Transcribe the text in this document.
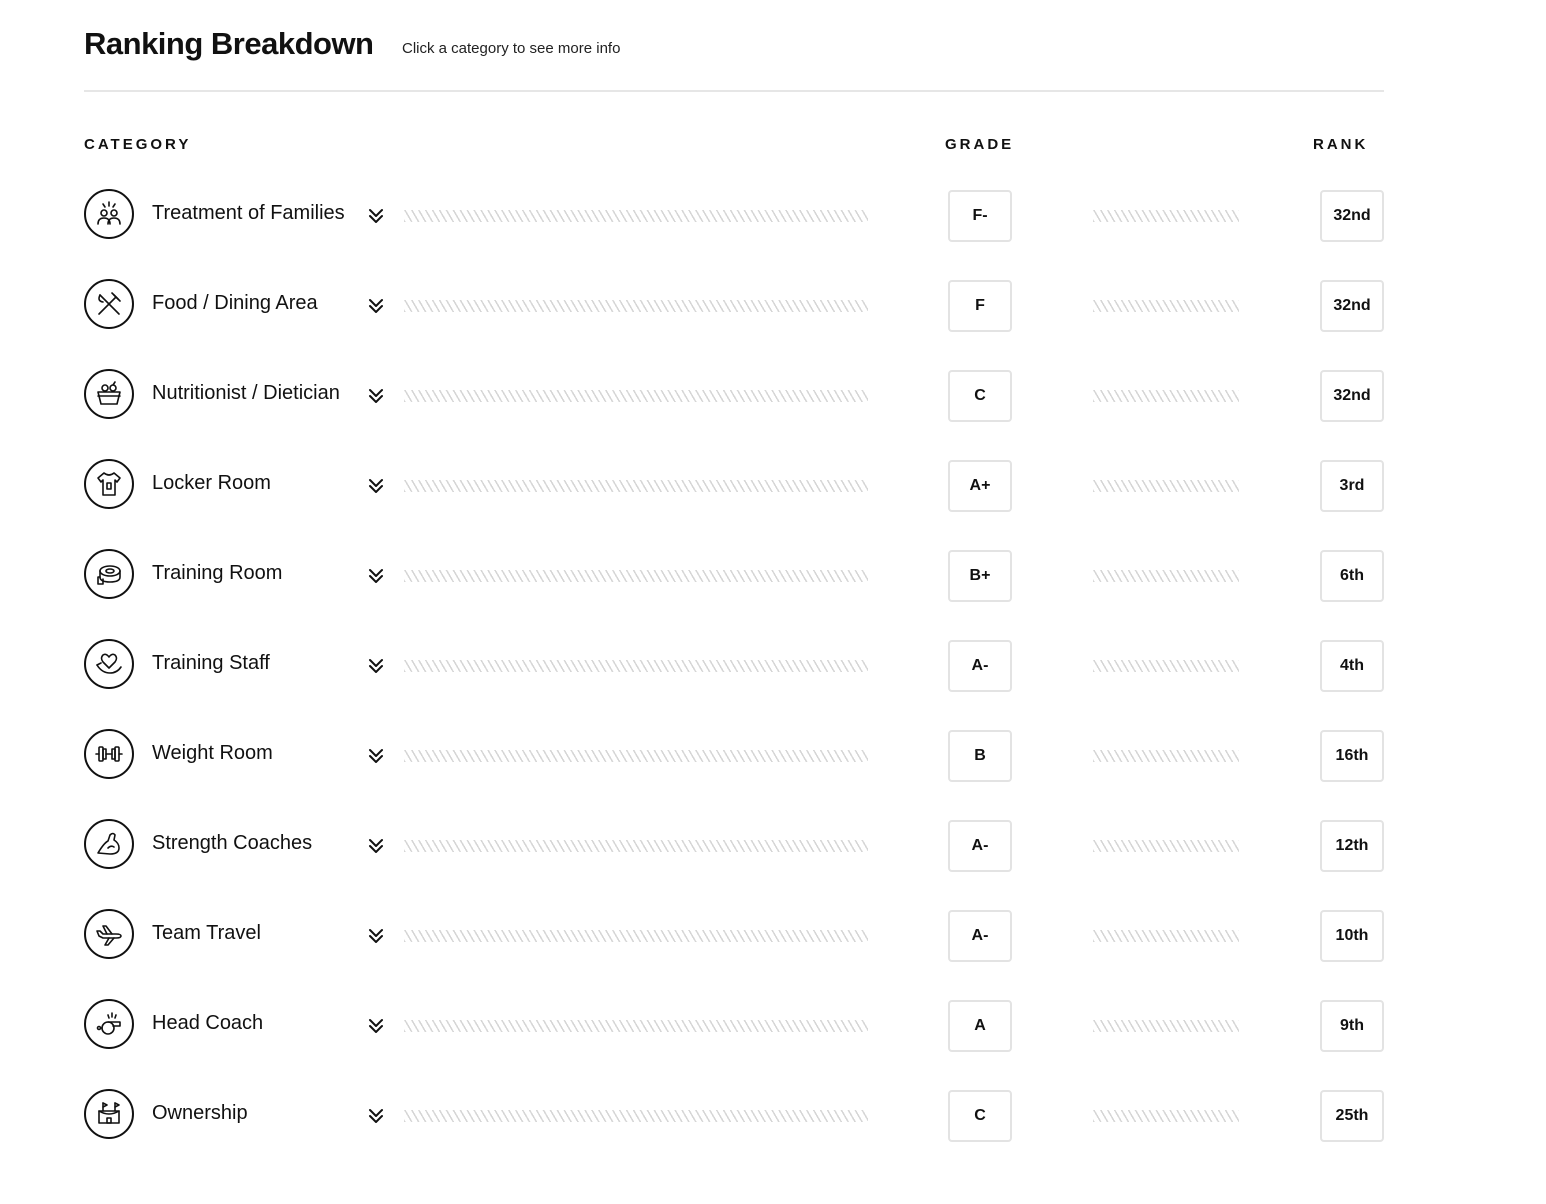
Ranking Breakdown Click a category to see more info
CATEGORY	GRADE	RANK
Treatment of Families	F-	32nd
Food / Dining Area	F	32nd
Nutritionist / Dietician	C	32nd
Locker Room	A+	3rd
Training Room	B+	6th
Training Staff	A-	4th
Weight Room	B	16th
Strength Coaches	A-	12th
Team Travel	A-	10th
Head Coach	A	9th
Ownership	C	25th
